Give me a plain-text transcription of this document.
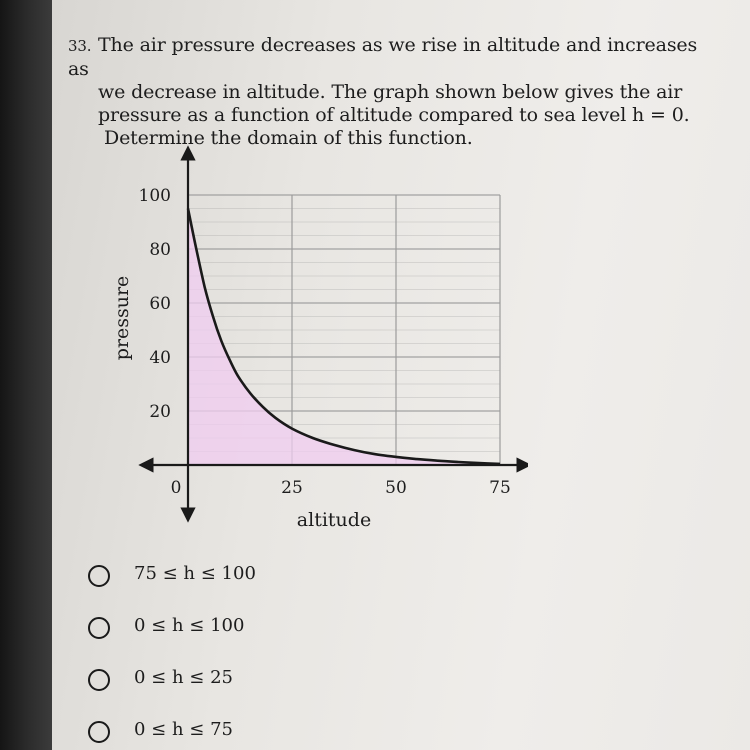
33. The air pressure decreases as we rise in altitude and increases as
we decrease in altitude. The graph shown below gives the air
pressure as a function of altitude compared to sea level h = 0.
Determine the domain of this function.

20
40
60
80
100
0	25	50	75
altitude
pressure
75 ≤ h ≤ 100
0 ≤ h ≤ 100
0 ≤ h ≤ 25
0 ≤ h ≤ 75
